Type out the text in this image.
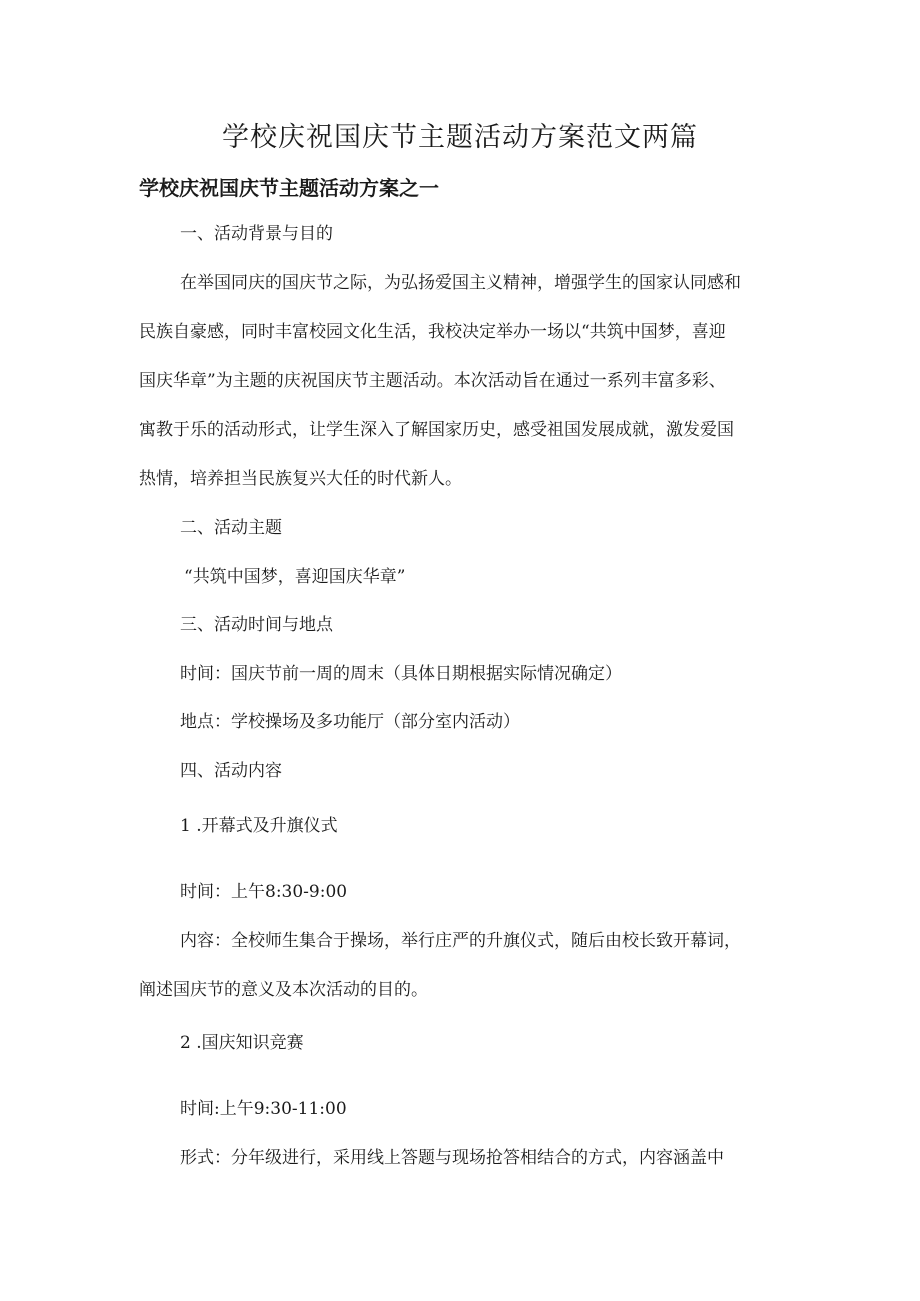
学校庆祝国庆节主题活动方案范文两篇
学校庆祝国庆节主题活动方案之一
一、活动背景与目的
在举国同庆的国庆节之际，为弘扬爱国主义精神，增强学生的国家认同感和
民族自豪感，同时丰富校园文化生活，我校决定举办一场以“共筑中国梦，喜迎
国庆华章”为主题的庆祝国庆节主题活动。本次活动旨在通过一系列丰富多彩、
寓教于乐的活动形式，让学生深入了解国家历史，感受祖国发展成就，激发爱国
热情，培养担当民族复兴大任的时代新人。
二、活动主题
“共筑中国梦，喜迎国庆华章”
三、活动时间与地点
时间：国庆节前一周的周末（具体日期根据实际情况确定）
地点：学校操场及多功能厅（部分室内活动）
四、活动内容
1 .开幕式及升旗仪式
时间：上午8:30-9:00
内容：全校师生集合于操场，举行庄严的升旗仪式，随后由校长致开幕词，
阐述国庆节的意义及本次活动的目的。
2 .国庆知识竞赛
时间:上午9:30-11:00
形式：分年级进行，采用线上答题与现场抢答相结合的方式，内容涵盖中
